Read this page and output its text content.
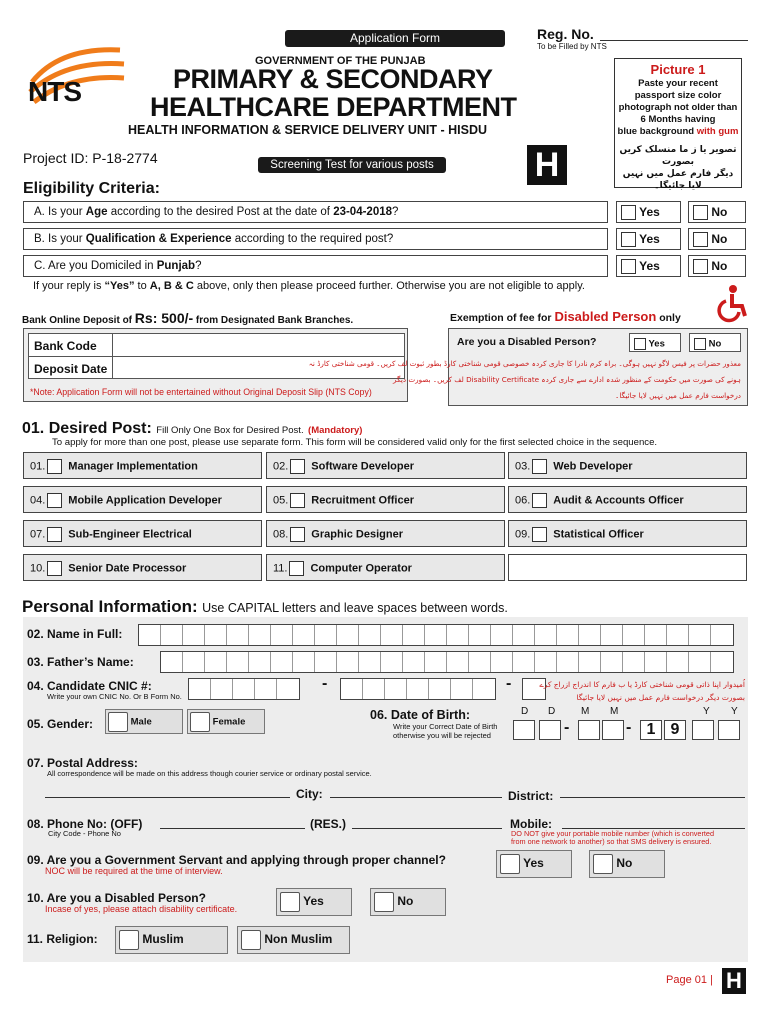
NTS
Application Form	Reg. No.
To be Filled by NTS
GOVERNMENT OF THE PUNJAB
PRIMARY & SECONDARY
HEALTHCARE DEPARTMENT
HEALTH INFORMATION & SERVICE DELIVERY UNIT - HISDU
Project ID: P-18-2774	Screening Test for various posts	H
Picture 1
Paste your recent
passport size color
photograph not older than
6 Months having
blue background with gum
تصویر یا ز ما منسلک کریں بصورت
دیگر فارم عمل میں نہیں لایا جائیگا۔
Eligibility Criteria:
A. Is your Age according to the desired Post at the date of 23-04-2018?
B. Is your Qualification & Experience according to the required post?
C. Are you Domiciled in Punjab?
Yes	No
Yes	No
Yes	No
If your reply is “Yes” to A, B & C above, only then please proceed further. Otherwise you are not eligible to apply.
Bank Online Deposit of Rs: 500/- from Designated Bank Branches.
Bank Code
Deposit Date
*Note: Application Form will not be entertained without Original Deposit Slip (NTS Copy)
Exemption of fee for Disabled Person only
Are you a Disabled Person?	Yes	No
معذور حضرات پر فیس لاگو نہیں ہوگی۔ براہ کرم نادرا کا جاری کردہ خصوصی قومی شناختی کارڈ بطور ثبوت لف کریں۔ قومی شناختی کارڈ نہ
ہونے کی صورت میں حکومت کے منظور شدہ ادارے سے جاری کردہ Disability Certificate لف کریں۔ بصورت دیگر
درخواست فارم عمل میں نہیں لایا جائیگا۔
01. Desired Post: Fill Only One Box for Desired Post. (Mandatory)
To apply for more than one post, please use separate form. This form will be considered valid only for the first selected choice in the sequence.
01. Manager Implementation	02. Software Developer	03. Web Developer
04. Mobile Application Developer	05. Recruitment Officer	06. Audit & Accounts Officer
07. Sub-Engineer Electrical	08. Graphic Designer	09. Statistical Officer
10. Senior Date Processor	11. Computer Operator
Personal Information: Use CAPITAL letters and leave spaces between words.
02. Name in Full:
03. Father’s Name:
04. Candidate CNIC #:
Write your own CNIC No. Or B Form No.
-	-	اُمیدوار اپنا ذاتی قومی شناختی کارڈ یا ب فارم کا اندراج ازراج کرے
بصورت دیگر درخواست فارم عمل میں نہیں لایا جائیگا
05. Gender:	Male	Female
06. Date of Birth:
Write your Correct Date of Birth
otherwise you will be rejected
D D	M M	Y Y
1 9
-	-
07. Postal Address:
All correspondence will be made on this address though courier service or ordinary postal service.
City:	District:
08. Phone No: (OFF)
City Code - Phone No
(RES.)	Mobile:
DO NOT give your portable mobile number (which is converted
from one network to another) so that SMS delivery is ensured.
09. Are you a Government Servant and applying through proper channel?
NOC will be required at the time of interview.
Yes	No
10. Are you a Disabled Person?
Incase of yes, please attach disability certificate.
Yes	No
11. Religion:	Muslim	Non Muslim
Page 01 | H
